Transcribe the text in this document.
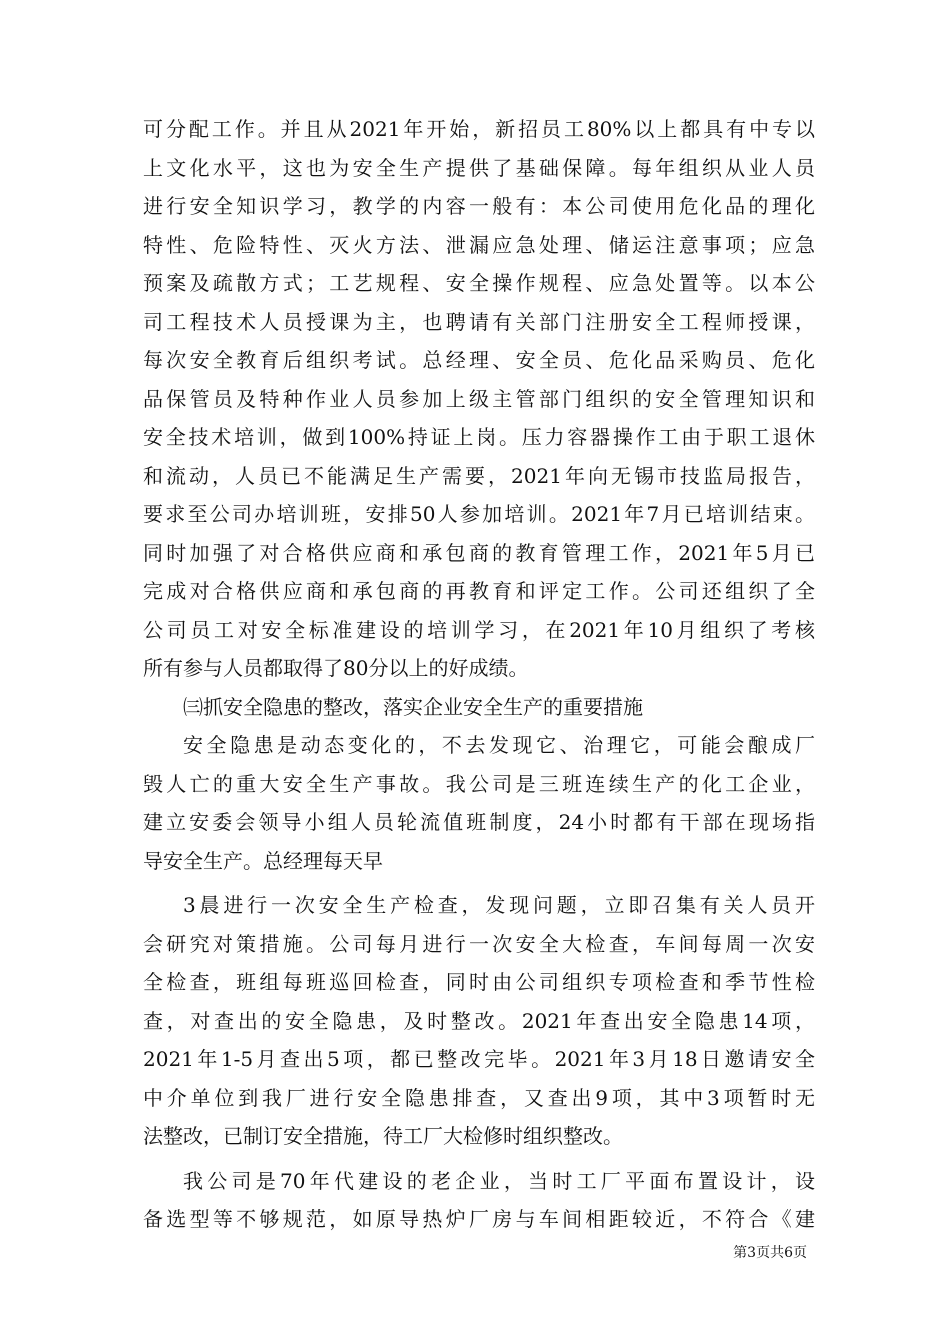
可分配工作。并且从2021年开始，新招员工80%以上都具有中专以
上文化水平，这也为安全生产提供了基础保障。每年组织从业人员
进行安全知识学习，教学的内容一般有：本公司使用危化品的理化
特性、危险特性、灭火方法、泄漏应急处理、储运注意事项；应急
预案及疏散方式；工艺规程、安全操作规程、应急处置等。以本公
司工程技术人员授课为主，也聘请有关部门注册安全工程师授课，
每次安全教育后组织考试。总经理、安全员、危化品采购员、危化
品保管员及特种作业人员参加上级主管部门组织的安全管理知识和
安全技术培训，做到100%持证上岗。压力容器操作工由于职工退休
和流动，人员已不能满足生产需要，2021年向无锡市技监局报告，
要求至公司办培训班，安排50人参加培训。2021年7月已培训结束。
同时加强了对合格供应商和承包商的教育管理工作，2021年5月已
完成对合格供应商和承包商的再教育和评定工作。公司还组织了全
公司员工对安全标准建设的培训学习，在2021年10月组织了考核
所有参与人员都取得了80分以上的好成绩。
㈢抓安全隐患的整改，落实企业安全生产的重要措施
安全隐患是动态变化的，不去发现它、治理它，可能会酿成厂
毁人亡的重大安全生产事故。我公司是三班连续生产的化工企业，
建立安委会领导小组人员轮流值班制度，24小时都有干部在现场指
导安全生产。总经理每天早
3晨进行一次安全生产检查，发现问题，立即召集有关人员开
会研究对策措施。公司每月进行一次安全大检查，车间每周一次安
全检查，班组每班巡回检查，同时由公司组织专项检查和季节性检
查，对查出的安全隐患，及时整改。2021年查出安全隐患14项，
2021年1-5月查出5项，都已整改完毕。2021年3月18日邀请安全
中介单位到我厂进行安全隐患排查，又查出9项，其中3项暂时无
法整改，已制订安全措施，待工厂大检修时组织整改。
我公司是70年代建设的老企业，当时工厂平面布置设计，设
备选型等不够规范，如原导热炉厂房与车间相距较近，不符合《建
第3页共6页
